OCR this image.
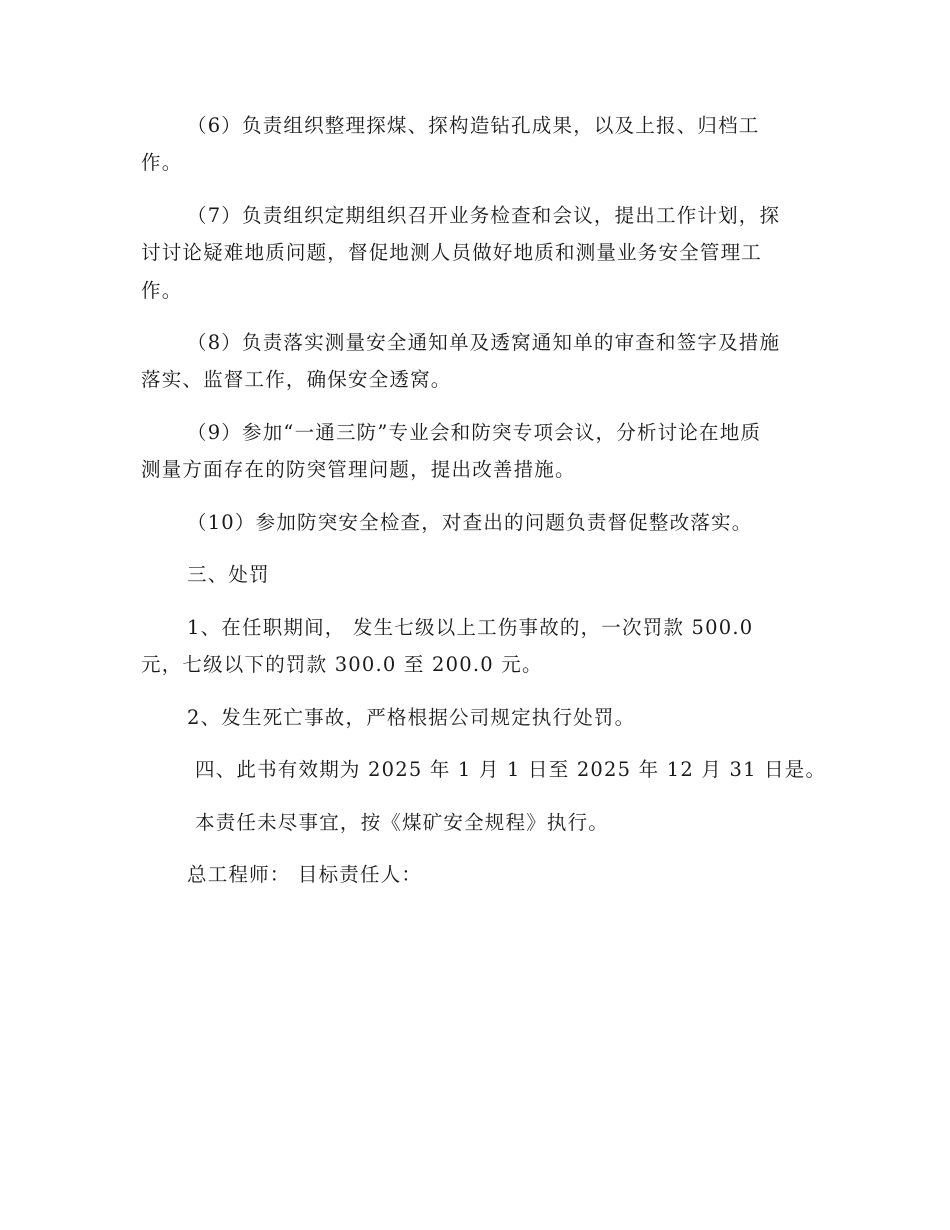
（6）负责组织整理探煤、探构造钻孔成果，以及上报、归档工
作。
（7）负责组织定期组织召开业务检查和会议，提出工作计划，探
讨讨论疑难地质问题，督促地测人员做好地质和测量业务安全管理工
作。
（8）负责落实测量安全通知单及透窝通知单的审查和签字及措施
落实、监督工作，确保安全透窝。
（9）参加“一通三防”专业会和防突专项会议，分析讨论在地质
测量方面存在的防突管理问题，提出改善措施。
（10）参加防突安全检查，对查出的问题负责督促整改落实。
三、处罚
1、在任职期间， 发生七级以上工伤事故的，一次罚款 500.0
元，七级以下的罚款 300.0 至 200.0 元。
2、发生死亡事故，严格根据公司规定执行处罚。
四、此书有效期为 2025 年 1 月 1 日至 2025 年 12 月 31 日是。
本责任未尽事宜，按《煤矿安全规程》执行。
总工程师： 目标责任人：
